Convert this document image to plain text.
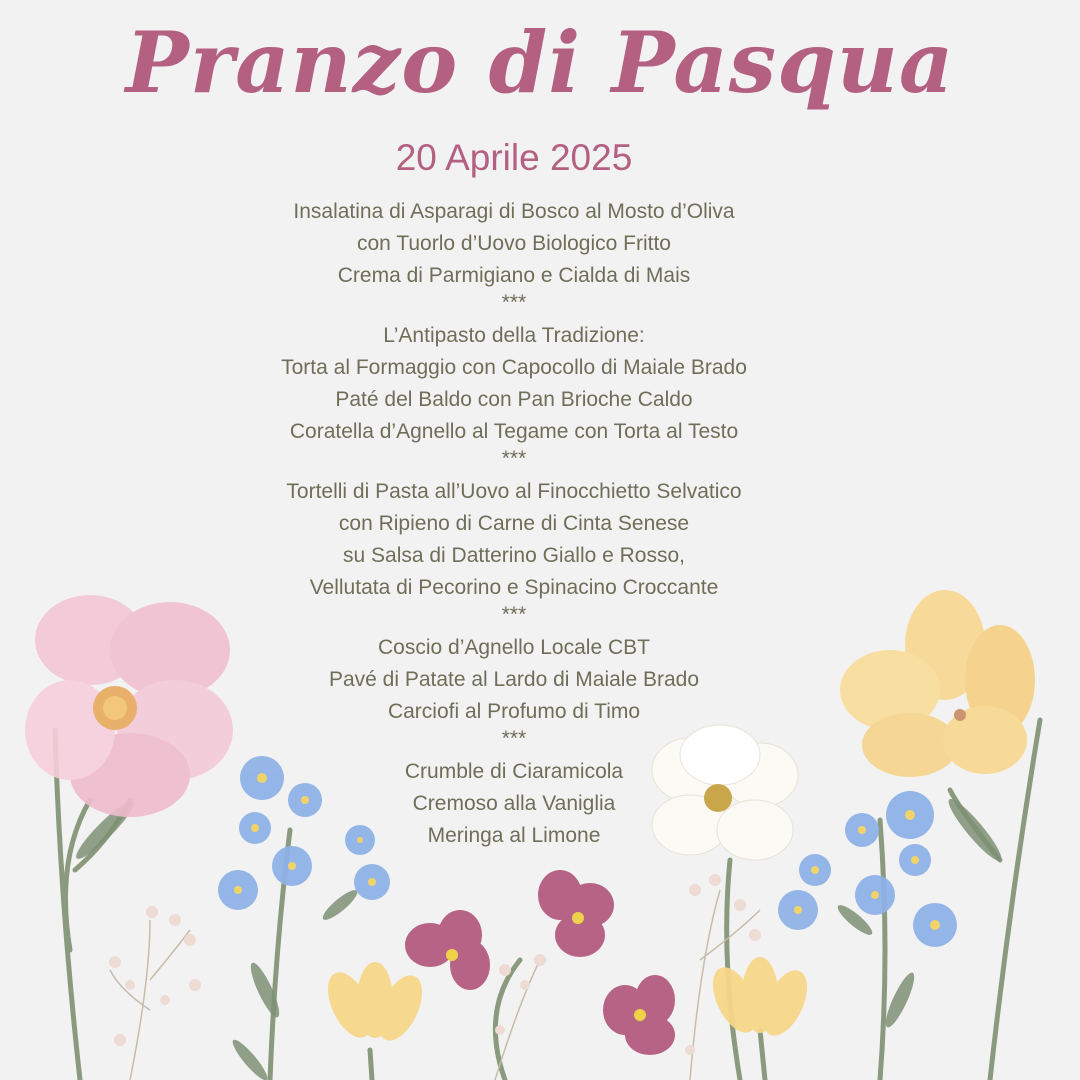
Pranzo di Pasqua

20 Aprile 2025

Insalatina di Asparagi di Bosco al Mosto d’Oliva
con Tuorlo d’Uovo Biologico Fritto
Crema di Parmigiano e Cialda di Mais
***
L’Antipasto della Tradizione:
Torta al Formaggio con Capocollo di Maiale Brado
Paté del Baldo con Pan Brioche Caldo
Coratella d’Agnello al Tegame con Torta al Testo
***
Tortelli di Pasta all’Uovo al Finocchietto Selvatico
con Ripieno di Carne di Cinta Senese
su Salsa di Datterino Giallo e Rosso,
Vellutata di Pecorino e Spinacino Croccante
***
Coscio d’Agnello Locale CBT
Pavé di Patate al Lardo di Maiale Brado
Carciofi al Profumo di Timo
***
Crumble di Ciaramicola
Cremoso alla Vaniglia
Meringa al Limone
